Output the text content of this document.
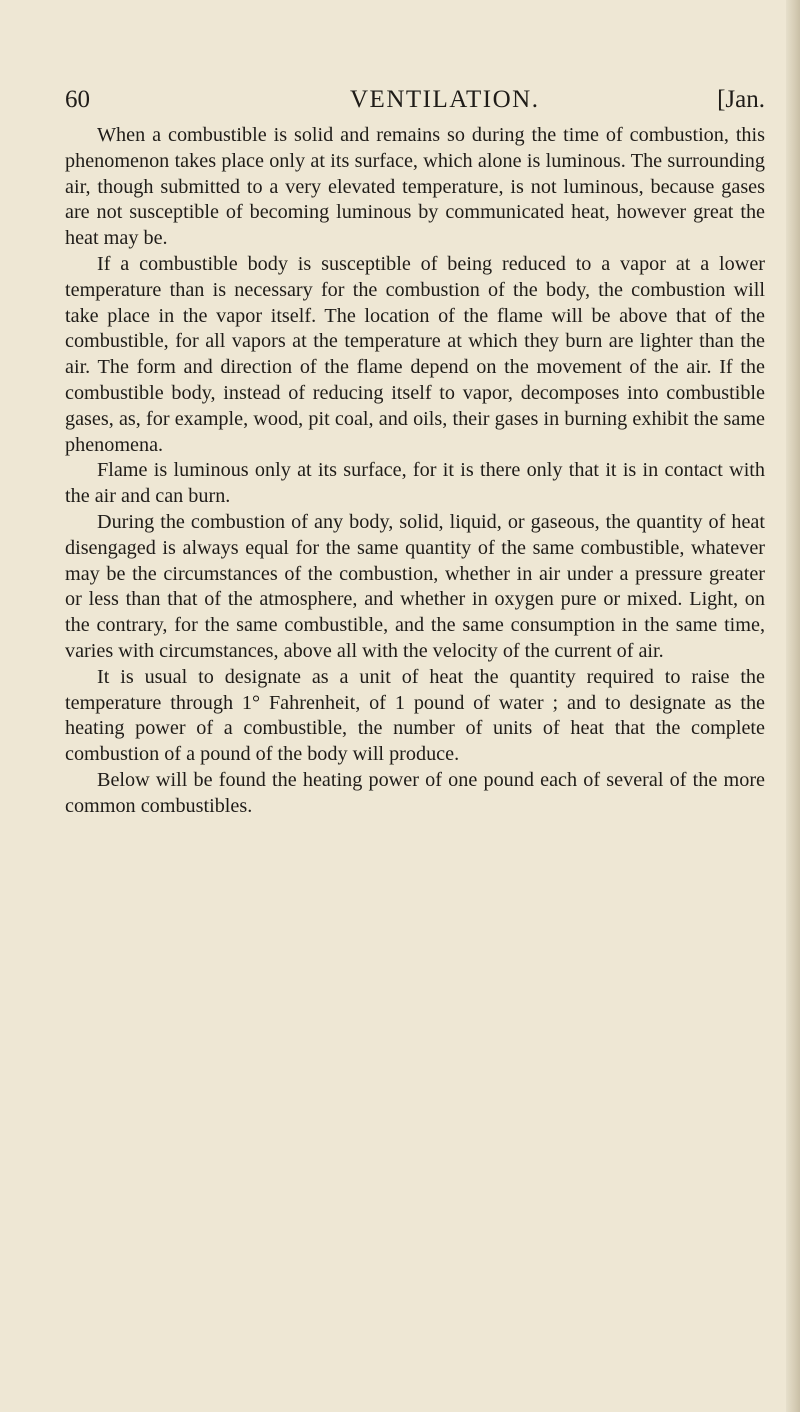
60	VENTILATION.	[Jan.

When a combustible is solid and remains so during the time of combustion, this phenomenon takes place only at its surface, which alone is luminous. The surrounding air, though submitted to a very elevated temperature, is not luminous, because gases are not susceptible of becoming luminous by communicated heat, however great the heat may be.

If a combustible body is susceptible of being reduced to a vapor at a lower temperature than is necessary for the combustion of the body, the combustion will take place in the vapor itself. The location of the flame will be above that of the combustible, for all vapors at the temperature at which they burn are lighter than the air. The form and direction of the flame depend on the movement of the air. If the combustible body, instead of reducing itself to vapor, decomposes into combustible gases, as, for example, wood, pit coal, and oils, their gases in burning exhibit the same phenomena.

Flame is luminous only at its surface, for it is there only that it is in contact with the air and can burn.

During the combustion of any body, solid, liquid, or gaseous, the quantity of heat disengaged is always equal for the same quantity of the same combustible, whatever may be the circumstances of the combustion, whether in air under a pressure greater or less than that of the atmosphere, and whether in oxygen pure or mixed. Light, on the contrary, for the same combustible, and the same consumption in the same time, varies with circumstances, above all with the velocity of the current of air.

It is usual to designate as a unit of heat the quantity required to raise the temperature through 1° Fahrenheit, of 1 pound of water ; and to designate as the heating power of a combustible, the number of units of heat that the complete combustion of a pound of the body will produce.

Below will be found the heating power of one pound each of several of the more common combustibles.
